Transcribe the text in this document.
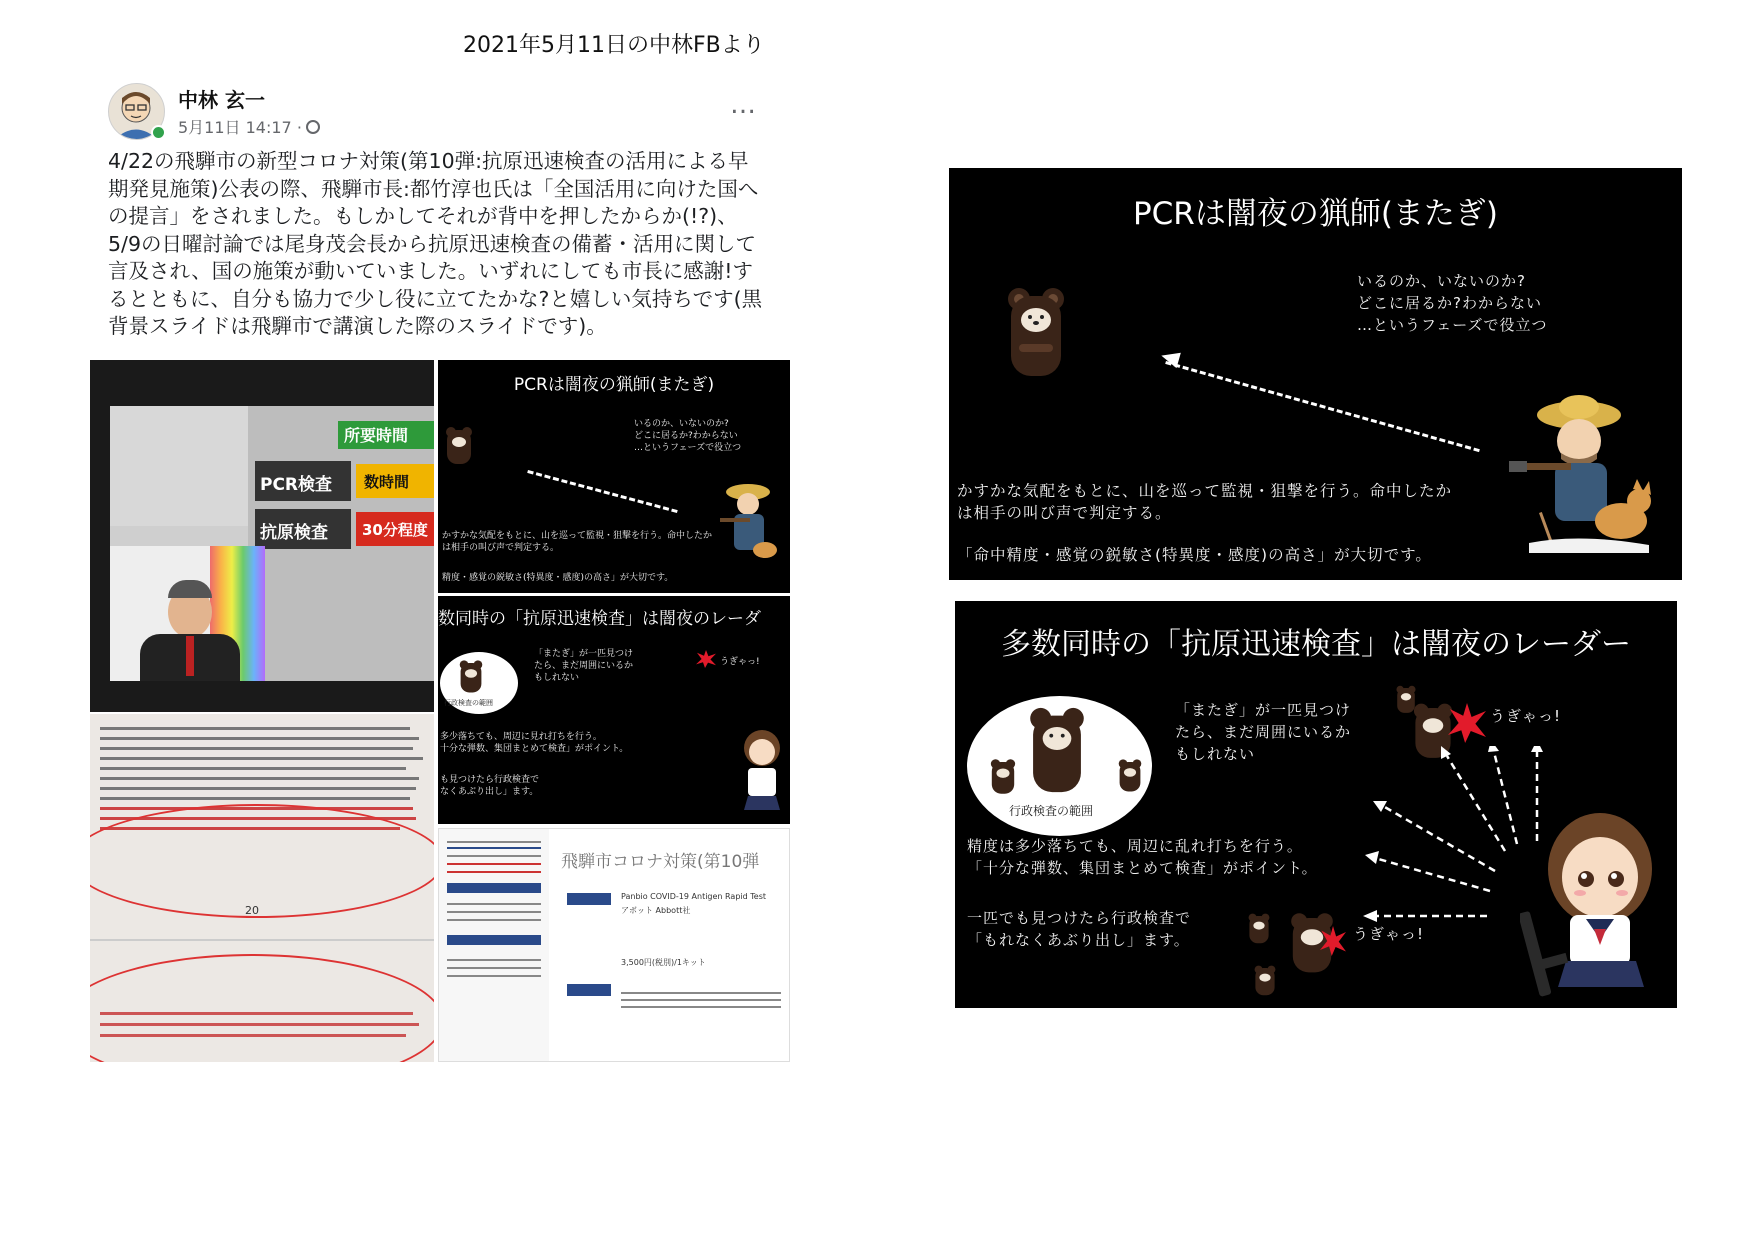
2021年5月11日の中林FBより
中林 玄一
5月11日 14:17 ·
…
4/22の飛騨市の新型コロナ対策(第10弾:抗原迅速検査の活用による早期発見施策)公表の際、飛騨市長:都竹淳也氏は「全国活用に向けた国への提言」をされました。もしかしてそれが背中を押したからか(!?)、5/9の日曜討論では尾身茂会長から抗原迅速検査の備蓄・活用に関して言及され、国の施策が動いていました。いずれにしても市長に感謝!するとともに、自分も協力で少し役に立てたかな?と嬉しい気持ちです(黒背景スライドは飛騨市で講演した際のスライドです)。
所要時間
PCR検査	数時間
抗原検査	30分程度
PCRは闇夜の猟師(またぎ)
いるのか、いないのか?
どこに居るか?わからない
…というフェーズで役立つ
かすかな気配をもとに、山を巡って監視・狙撃を行う。命中したか
は相手の叫び声で判定する。
精度・感覚の鋭敏さ(特異度・感度)の高さ」が大切です。
数同時の「抗原迅速検査」は闇夜のレーダ
「またぎ」が一匹見つけ
たら、まだ周囲にいるか
もしれない
行政検査の範囲
うぎゃっ!
多少落ちても、周辺に見れ打ちを行う。
十分な弾数、集団まとめて検査」がポイント。
も見つけたら行政検査で
なくあぶり出し」ます。
20
飛騨市コロナ対策(第10弾
Panbio COVID-19 Antigen Rapid Test
アボット Abbott社
3,500円(税別)/1キット
PCRは闇夜の猟師(またぎ)
いるのか、いないのか?
どこに居るか?わからない
…というフェーズで役立つ
かすかな気配をもとに、山を巡って監視・狙撃を行う。命中したか
は相手の叫び声で判定する。
「命中精度・感覚の鋭敏さ(特異度・感度)の高さ」が大切です。
多数同時の「抗原迅速検査」は闇夜のレーダー
「またぎ」が一匹見つけ
たら、まだ周囲にいるか
もしれない
行政検査の範囲
うぎゃっ!
うぎゃっ!
精度は多少落ちても、周辺に乱れ打ちを行う。
「十分な弾数、集団まとめて検査」がポイント。
一匹でも見つけたら行政検査で
「もれなくあぶり出し」ます。
